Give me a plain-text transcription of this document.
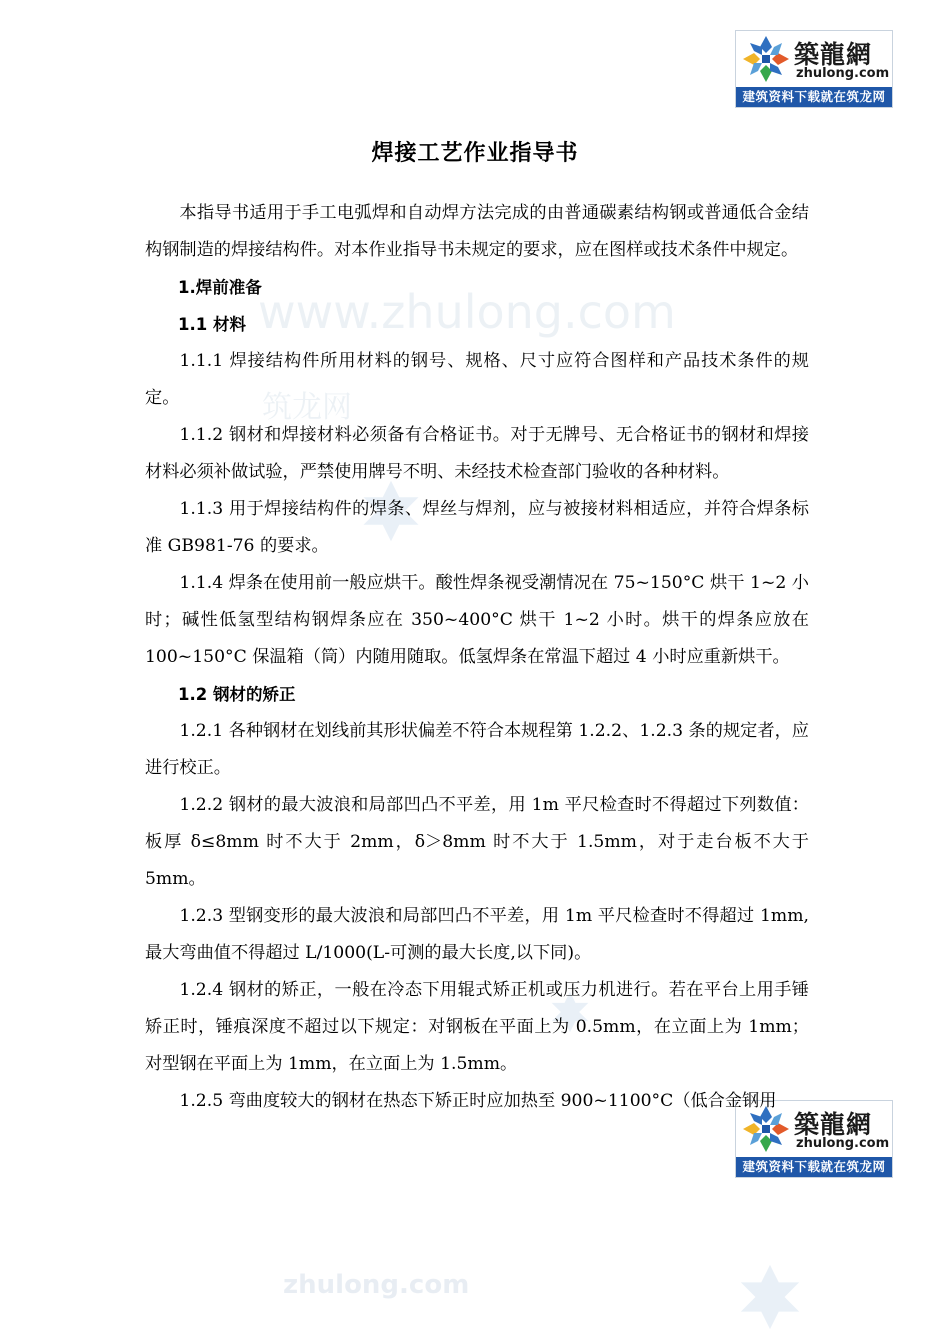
www.zhulong.com
筑龙网
zhulong.com
築龍網
zhulong.com
建筑资料下载就在筑龙网
築龍網
zhulong.com
建筑资料下载就在筑龙网
焊接工艺作业指导书

本指导书适用于手工电弧焊和自动焊方法完成的由普通碳素结构钢或普通低合金结构钢制造的焊接结构件。对本作业指导书未规定的要求，应在图样或技术条件中规定。

1.焊前准备

1.1 材料

1.1.1 焊接结构件所用材料的钢号、规格、尺寸应符合图样和产品技术条件的规定。

1.1.2 钢材和焊接材料必须备有合格证书。对于无牌号、无合格证书的钢材和焊接材料必须补做试验，严禁使用牌号不明、未经技术检查部门验收的各种材料。

1.1.3 用于焊接结构件的焊条、焊丝与焊剂，应与被接材料相适应，并符合焊条标准 GB981-76 的要求。

1.1.4 焊条在使用前一般应烘干。酸性焊条视受潮情况在 75~150°C 烘干 1~2 小时；碱性低氢型结构钢焊条应在 350~400°C 烘干 1~2 小时。烘干的焊条应放在 100~150°C 保温箱（筒）内随用随取。低氢焊条在常温下超过 4 小时应重新烘干。

1.2 钢材的矫正

1.2.1 各种钢材在划线前其形状偏差不符合本规程第 1.2.2、1.2.3 条的规定者，应进行校正。

1.2.2 钢材的最大波浪和局部凹凸不平差，用 1m 平尺检查时不得超过下列数值：板厚 δ≤8mm 时不大于 2mm，δ＞8mm 时不大于 1.5mm，对于走台板不大于 5mm。

1.2.3 型钢变形的最大波浪和局部凹凸不平差，用 1m 平尺检查时不得超过 1mm,最大弯曲值不得超过 L/1000(L-可测的最大长度,以下同)。

1.2.4 钢材的矫正，一般在冷态下用辊式矫正机或压力机进行。若在平台上用手锤矫正时，锤痕深度不超过以下规定：对钢板在平面上为 0.5mm，在立面上为 1mm；对型钢在平面上为 1mm，在立面上为 1.5mm。

1.2.5 弯曲度较大的钢材在热态下矫正时应加热至 900~1100°C（低合金钢用
